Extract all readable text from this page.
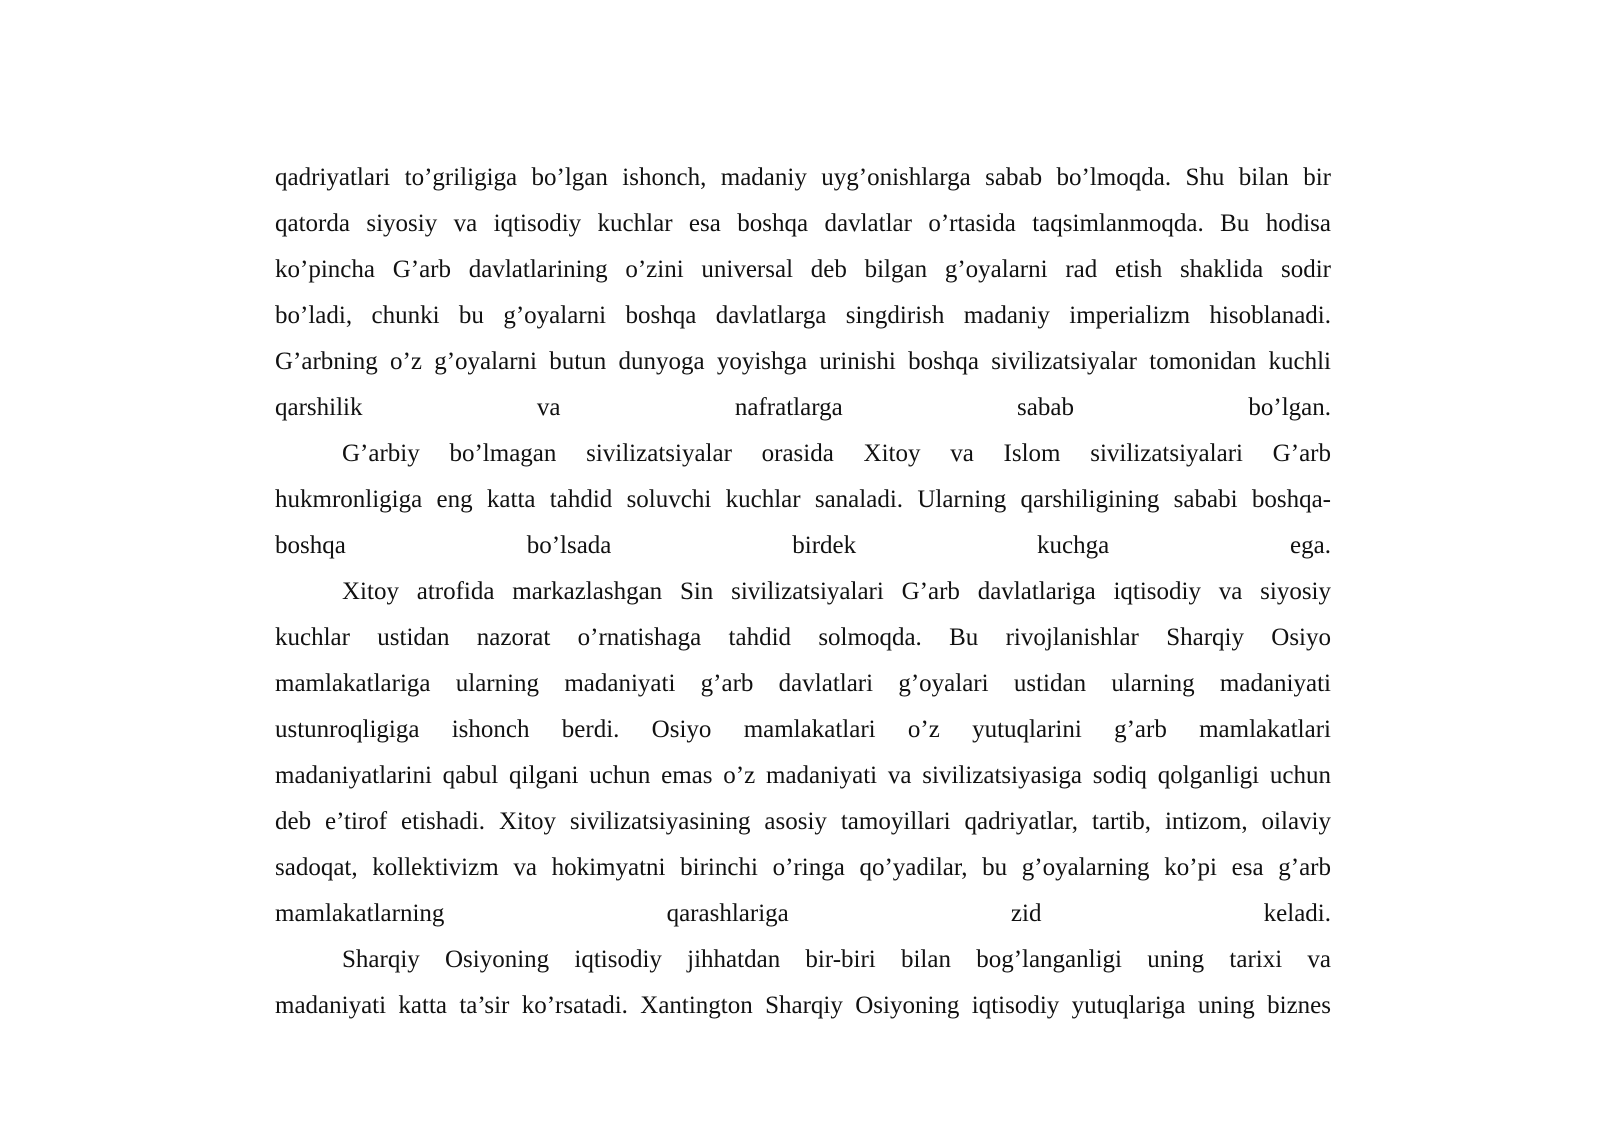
qadriyatlari to’griligiga bo’lgan ishonch, madaniy uyg’onishlarga sabab bo’lmoqda. Shu bilan bir
qatorda siyosiy va iqtisodiy kuchlar esa boshqa davlatlar o’rtasida taqsimlanmoqda. Bu hodisa
ko’pincha G’arb davlatlarining o’zini universal deb bilgan g’oyalarni rad etish shaklida sodir
bo’ladi, chunki bu g’oyalarni boshqa davlatlarga singdirish madaniy imperializm hisoblanadi.
G’arbning o’z g’oyalarni butun dunyoga yoyishga urinishi boshqa sivilizatsiyalar tomonidan kuchli
qarshilik va nafratlarga sabab bo’lgan.
G’arbiy bo’lmagan sivilizatsiyalar orasida Xitoy va Islom sivilizatsiyalari G’arb
hukmronligiga eng katta tahdid soluvchi kuchlar sanaladi. Ularning qarshiligining sababi boshqa-
boshqa bo’lsada birdek kuchga ega.
Xitoy atrofida markazlashgan Sin sivilizatsiyalari G’arb davlatlariga iqtisodiy va siyosiy
kuchlar ustidan nazorat o’rnatishaga tahdid solmoqda. Bu rivojlanishlar Sharqiy Osiyo
mamlakatlariga ularning madaniyati g’arb davlatlari g’oyalari ustidan ularning madaniyati
ustunroqligiga ishonch berdi. Osiyo mamlakatlari o’z yutuqlarini g’arb mamlakatlari
madaniyatlarini qabul qilgani uchun emas o’z madaniyati va sivilizatsiyasiga sodiq qolganligi uchun
deb e’tirof etishadi. Xitoy sivilizatsiyasining asosiy tamoyillari qadriyatlar, tartib, intizom, oilaviy
sadoqat, kollektivizm va hokimyatni birinchi o’ringa qo’yadilar, bu g’oyalarning ko’pi esa g’arb
mamlakatlarning qarashlariga zid keladi.
Sharqiy Osiyoning iqtisodiy jihhatdan bir-biri bilan bog’langanligi uning tarixi va
madaniyati katta ta’sir ko’rsatadi. Xantington Sharqiy Osiyoning iqtisodiy yutuqlariga uning biznes
